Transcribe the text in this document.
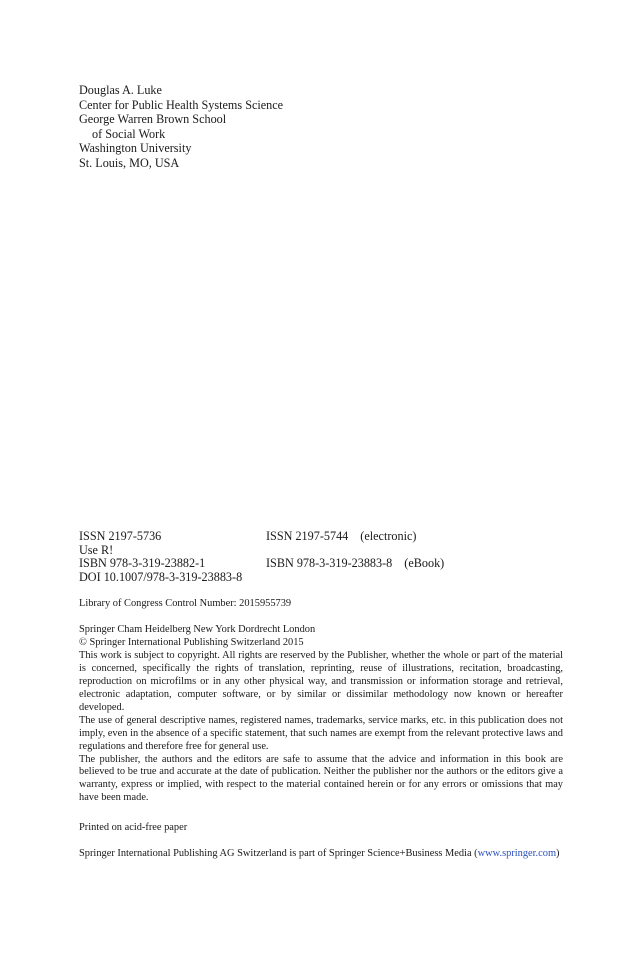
Douglas A. Luke
Center for Public Health Systems Science
George Warren Brown School
of Social Work
Washington University
St. Louis, MO, USA
ISSN 2197-5736	ISSN 2197-5744 (electronic)
Use R!
ISBN 978-3-319-23882-1	ISBN 978-3-319-23883-8 (eBook)
DOI 10.1007/978-3-319-23883-8
Library of Congress Control Number: 2015955739
Springer Cham Heidelberg New York Dordrecht London
© Springer International Publishing Switzerland 2015

This work is subject to copyright. All rights are reserved by the Publisher, whether the whole or part of the material is concerned, specifically the rights of translation, reprinting, reuse of illustrations, recitation, broadcasting, reproduction on microfilms or in any other physical way, and transmission or information storage and retrieval, electronic adaptation, computer software, or by similar or dissimilar methodology now known or hereafter developed.

The use of general descriptive names, registered names, trademarks, service marks, etc. in this publication does not imply, even in the absence of a specific statement, that such names are exempt from the relevant protective laws and regulations and therefore free for general use.

The publisher, the authors and the editors are safe to assume that the advice and information in this book are believed to be true and accurate at the date of publication. Neither the publisher nor the authors or the editors give a warranty, express or implied, with respect to the material contained herein or for any errors or omissions that may have been made.

Printed on acid-free paper
Springer International Publishing AG Switzerland is part of Springer Science+Business Media (www.springer.com)
